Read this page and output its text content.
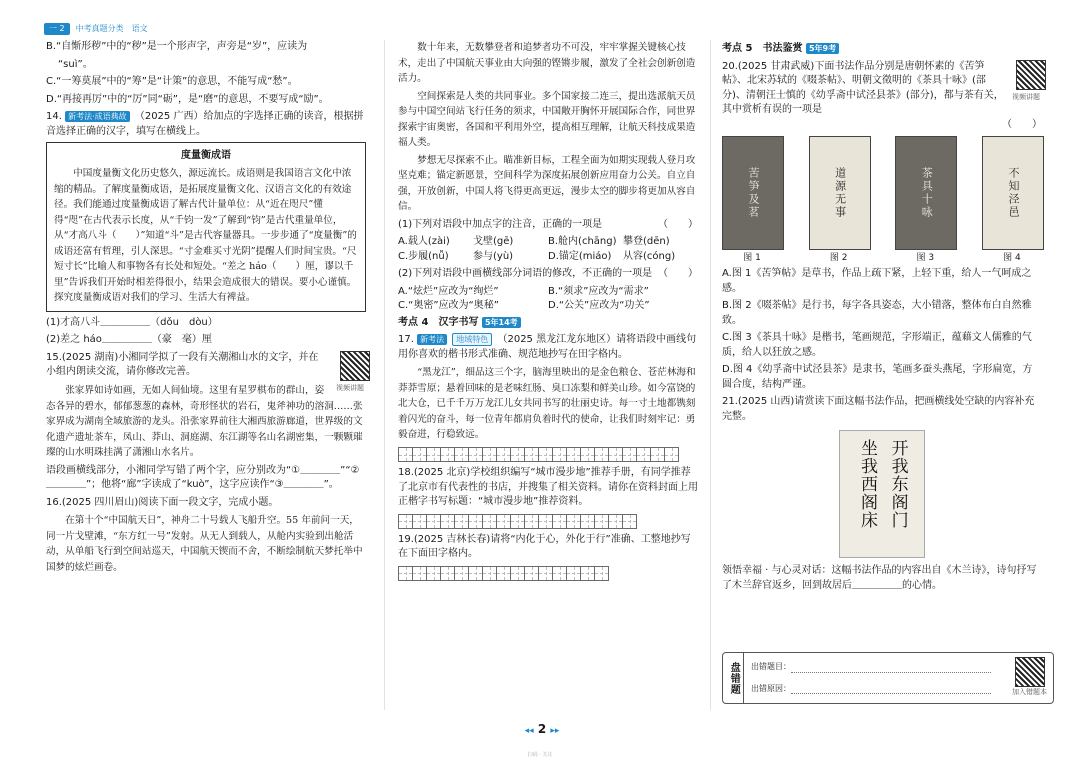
一 2	中考真题分类　语文

B.“自惭形秽”中的“秽”是一个形声字，声旁是“岁”，应读为

“suì”。

C.“一筹莫展”中的“筹”是“计策”的意思，不能写成“愁”。

D.“再接再厉”中的“厉”同“砺”，是“磨”的意思，不要写成“励”。

14. 新考法·成语典故 （2025 广西）给加点的字选择正确的读音，根据拼音选择正确的汉字，填写在横线上。

度量衡成语
中国度量衡文化历史悠久，源远流长。成语则是我国语言文化中浓缩的精品。了解度量衡成语，是拓展度量衡文化、汉语言文化的有效途径。我们能通过度量衡成语了解古代计量单位：从“近在咫尺”懂得“咫”在古代表示长度，从“千钧一发”了解到“钧”是古代重量单位，从“才高八斗（　　）”知道“斗”是古代容量器具。一步步通了“度量衡”的成语还富有哲理，引人深思。“寸金难买寸光阴”提醒人们时间宝贵。“尺短寸长”比喻人和事物各有长处和短处。“差之 háo（　　）厘，谬以千里”告诉我们开始时相差得很小，结果会造成很大的错误。要小心谨慎。探究度量衡成语对我们的学习、生活大有裨益。

(1)才高八斗＿＿＿＿＿（dǒu　dòu）

(2)差之 háo＿＿＿＿＿（豪　毫）厘

视频讲题

15.(2025 湖南)小湘同学拟了一段有关潮湘山水的文字，并在小组内朗读交流，请你修改完善。

张家界如诗如画，无如人间仙境。这里有星罗棋布的群山，姿态各异的碧水，郁郁葱葱的森林，奇形怪状的岩石，鬼斧神功的溶洞……张家界成为湖南全域旅游的龙头。沿张家界前往大湘西旅游廊道，世界级的文化遗产遗址茶车，凤山、莽山、洞庭湖、东江湖等名山名湖密集，一颗颗璀璨的山水明珠挂满了潇湘山水名片。

语段画横线部分，小湘同学写错了两个字，应分别改为“①＿＿＿＿”“②＿＿＿＿”；他将“廊”字读成了“kuò”，这字应读作“③＿＿＿＿”。

16.(2025 四川眉山)阅读下面一段文字，完成小题。

在第十个“中国航天日”，神舟二十号载人飞船升空。55 年前问一天，同一片戈壁滩，“东方红一号”发射。从无人到载人，从舱内实验到出舱活动，从单船飞行到空间站巡天，中国航天锲而不舍，不断绘制航天梦托举中国梦的炫烂画卷。
数十年来，无数攀登者和追梦者功不可没，牢牢掌握关键核心技术，走出了中国航天事业由大向强的铿锵步履，激发了全社会创新创造活力。
空间探索是人类的共同事业。多个国家接二连三，提出选派航天员参与中国空间站飞行任务的须求，中国敞开胸怀开展国际合作，同世界探索宇宙奥密，各国和平利用外空，提高相互理解，让航天科技成果造福人类。
梦想无尽探索不止。瞄准新目标，工程全面为如期实现载人登月攻坚克难；锚定新愿景，空间科学为深度拓展创新应用奋力公关。自立自强，开放创新，中国人将飞得更高更远，漫步太空的脚步将更加从容自信。

(1)下列对语段中加点字的注音，正确的一项是	（　　）

A.载人(zài)	戈壁(gē)	B.舱内(chāng) 攀登(dēn)
C.步履(nǚ)	参与(yù)	D.锚定(miáo)	从容(cóng)

(2)下列对语段中画横线部分词语的修改，不正确的一项是 （　　）

A.“炫烂”应改为“绚烂”	B.“须求”应改为“需求”
C.“奥密”应改为“奥秘”	D.“公关”应改为“功关”

考点 4　汉字书写 5年14考

17. 新考法 地域特色 （2025 黑龙江龙东地区）请将语段中画线句用你喜欢的楷书形式准确、规范地抄写在田字格内。

“黑龙江”，细品这三个字，脑海里映出的是金色粮仓、苍茫林海和莽莽雪原；悬着回味的是老味红肠、臭口冻梨和鲜美山珍。如今富饶的北大仓，已千千万万龙江儿女共同书写的壮丽史诗。每一寸土地都镌刻着闪光的奋斗，每一位青年都肩负着时代的使命，让我们时刻牢记：勇毅奋进，行稳致远。

18.(2025 北京)学校组织编写“城市漫步地”推荐手册，有同学推荐了北京市有代表性的书店，并搜集了相关资料。请你在资料封面上用正楷字书写标题：“城市漫步地”推荐资料。

19.(2025 吉林长春)请将“内化于心，外化于行”准确、工整地抄写在下面田字格内。

考点 5　书法鉴赏 5年9考

视频讲题

20.(2025 甘肃武威)下面书法作品分别是唐朝怀素的《苦笋帖》、北宋苏轼的《啜茶帖》、明朝文徵明的《茶具十咏》(部分)、清朝汪士慎的《幼孚斋中试泾县茶》(部分)，都与茶有关，其中赏析有误的一项是

（　　）

苦笋及茗
图 1
道源无事
图 2
茶具十咏
图 3
不知泾邑
图 4

A.图 1《苦笋帖》是草书，作品上疏下紧，上轻下重，给人一气呵成之感。

B.图 2《啜茶帖》是行书，每字各具姿态，大小错落，整体布白自然雅致。

C.图 3《茶具十咏》是楷书，笔画规范，字形端正，蕴藉文人儒雅的气质，给人以狂放之感。

D.图 4《幼孚斋中试泾县茶》是隶书，笔画多蚕头燕尾，字形扁宽，方圆合度，结构严谨。

21.(2025 山西)请赏读下面这幅书法作品，把画横线处空缺的内容补充完整。

坐我西阁床 开我东阁门

领悟幸福 · 与心灵对话：这幅书法作品的内容出自《木兰诗》，诗句抒写了木兰辞官返乡，回到故居后＿＿＿＿＿的心情。

盘错题	出错题目：
出错原因：	加入错题本
◂◂ 2 ▸▸
扫码 · 关注
